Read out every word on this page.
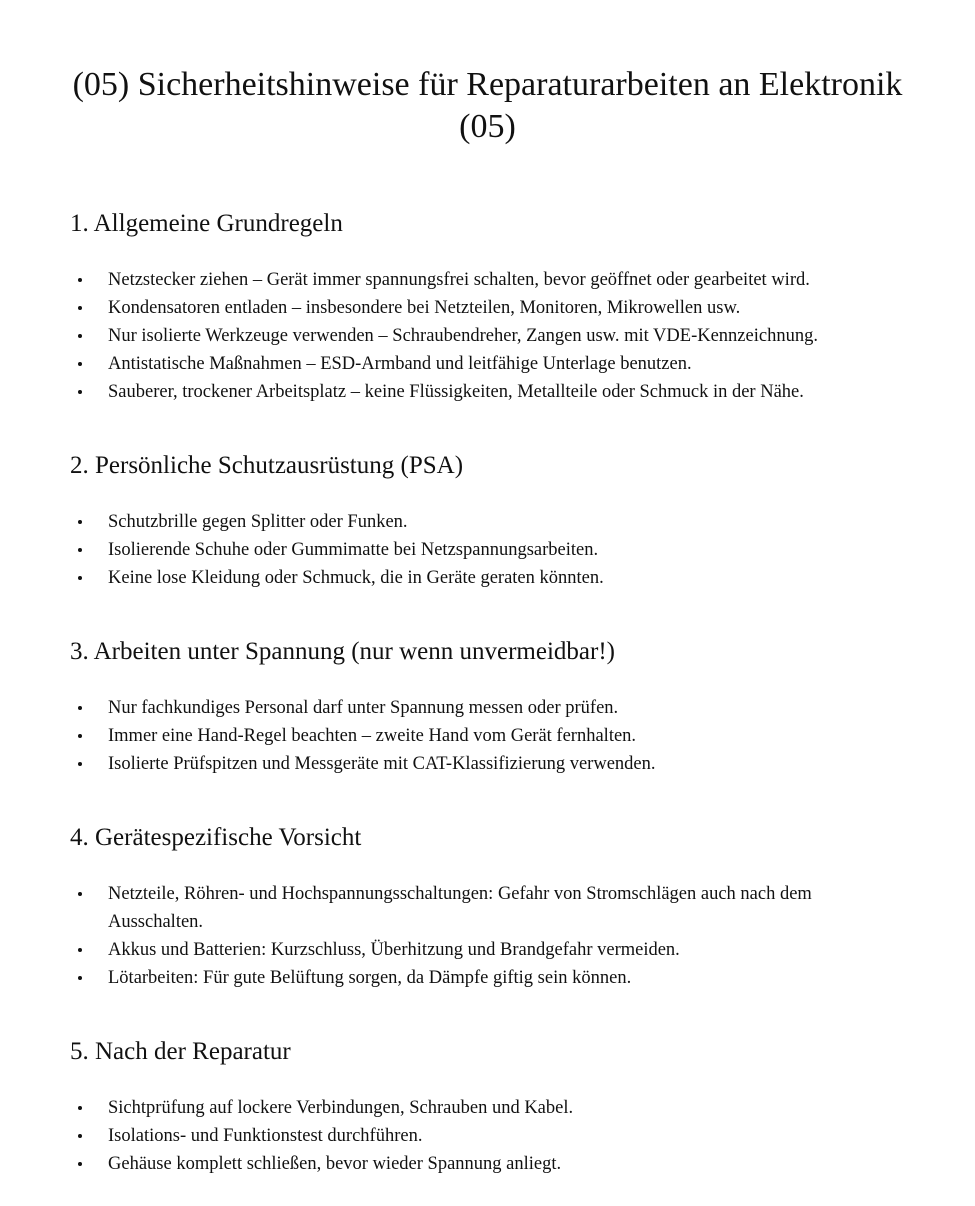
(05) Sicherheitshinweise für Reparaturarbeiten an Elektronik (05)
1. Allgemeine Grundregeln
Netzstecker ziehen – Gerät immer spannungsfrei schalten, bevor geöffnet oder gearbeitet wird.
Kondensatoren entladen – insbesondere bei Netzteilen, Monitoren, Mikrowellen usw.
Nur isolierte Werkzeuge verwenden – Schraubendreher, Zangen usw. mit VDE-Kennzeichnung.
Antistatische Maßnahmen – ESD-Armband und leitfähige Unterlage benutzen.
Sauberer, trockener Arbeitsplatz – keine Flüssigkeiten, Metallteile oder Schmuck in der Nähe.
2. Persönliche Schutzausrüstung (PSA)
Schutzbrille gegen Splitter oder Funken.
Isolierende Schuhe oder Gummimatte bei Netzspannungsarbeiten.
Keine lose Kleidung oder Schmuck, die in Geräte geraten könnten.
3. Arbeiten unter Spannung (nur wenn unvermeidbar!)
Nur fachkundiges Personal darf unter Spannung messen oder prüfen.
Immer eine Hand-Regel beachten – zweite Hand vom Gerät fernhalten.
Isolierte Prüfspitzen und Messgeräte mit CAT-Klassifizierung verwenden.
4. Gerätespezifische Vorsicht
Netzteile, Röhren- und Hochspannungsschaltungen: Gefahr von Stromschlägen auch nach dem Ausschalten.
Akkus und Batterien: Kurzschluss, Überhitzung und Brandgefahr vermeiden.
Lötarbeiten: Für gute Belüftung sorgen, da Dämpfe giftig sein können.
5. Nach der Reparatur
Sichtprüfung auf lockere Verbindungen, Schrauben und Kabel.
Isolations- und Funktionstest durchführen.
Gehäuse komplett schließen, bevor wieder Spannung anliegt.
